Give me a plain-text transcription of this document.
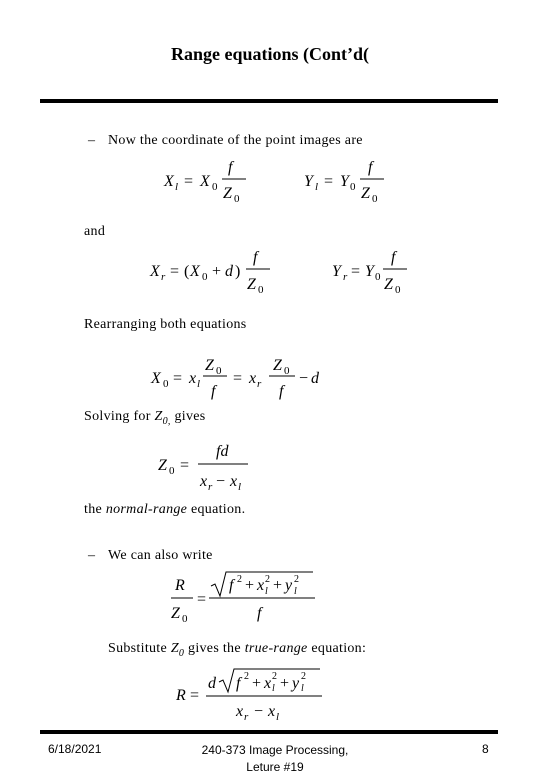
Range equations (Cont’d(
– Now the coordinate of the point images are
X l = X 0
f
Z 0
Y l = Y 0
f
Z 0
and
X r = ( X 0 + d )
f
Z 0
Y r = Y 0
f
Z 0
Rearranging both equations
X 0 = x l
Z 0
f
= x r
Z 0
f
− d
Solving for $Z_{0,}$ gives
Z 0 =
fd
x r − x l
the normal-range equation.
– We can also write
R
Z 0
=
f 2 + x 2
l + y 2
l
f
Substitute $Z_0$ gives the true-range equation:
R =
d f 2 + x 2
l + y 2
l
x r − x l
6/18/2021	240-373 Image Processing,
Leture #19
8
